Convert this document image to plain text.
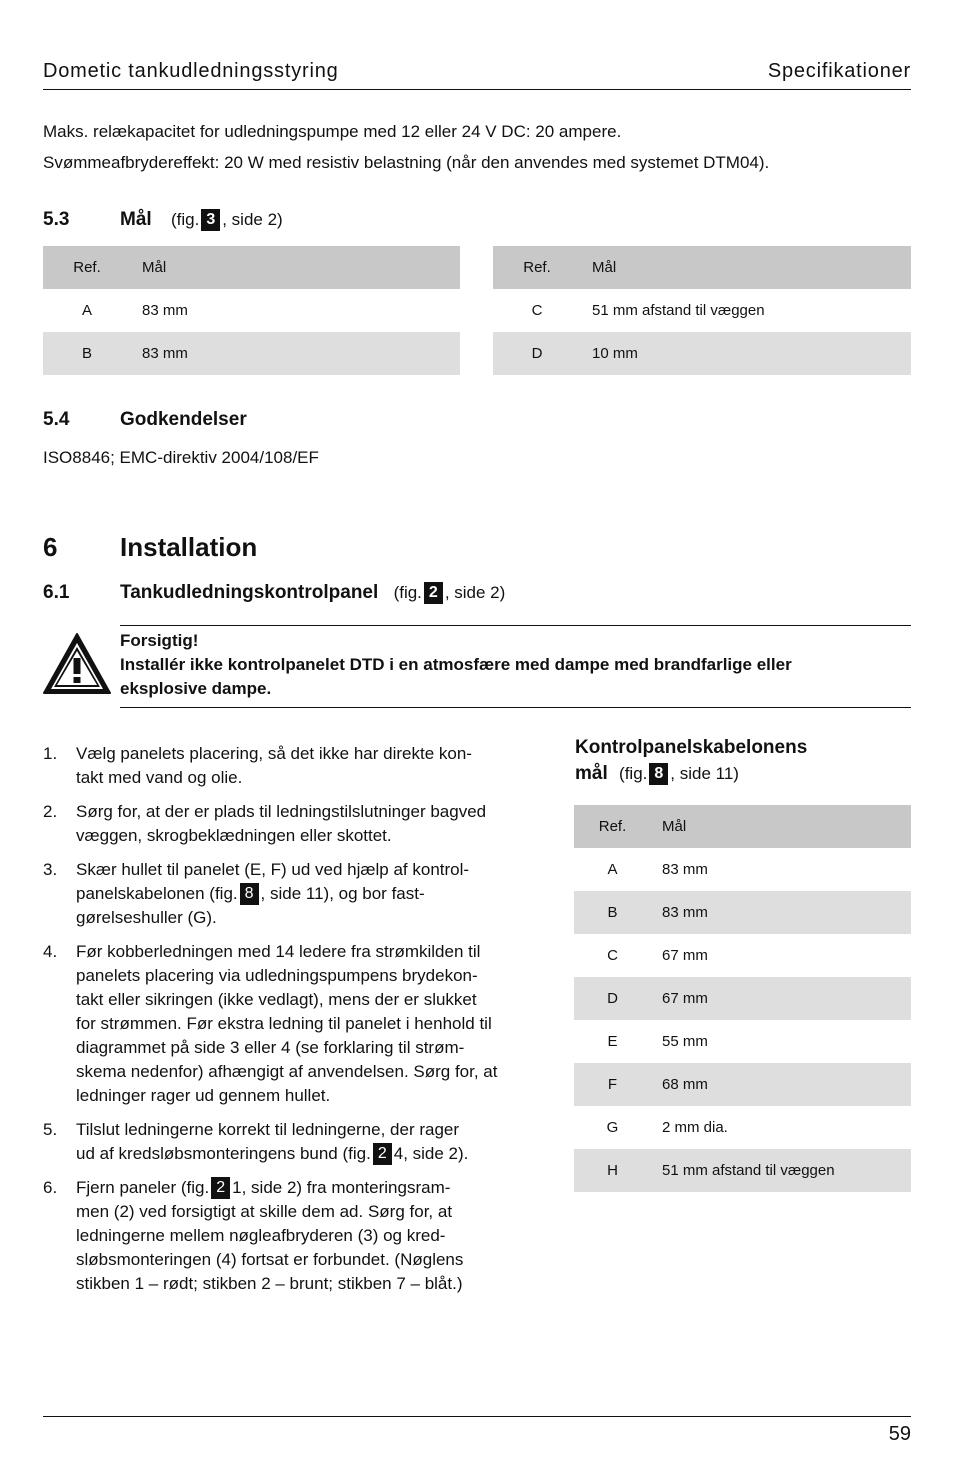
Dometic tankudledningsstyring	Specifikationer
Maks. relækapacitet for udledningspumpe med 12 eller 24 V DC: 20 ampere.
Svømmeafbrydereffekt: 20 W med resistiv belastning (når den anvendes med systemet DTM04).
5.3	Mål (fig. 3 , side 2)
Ref.	Mål
A	83 mm
B	83 mm
Ref.	Mål
C	51 mm afstand til væggen
D	10 mm
5.4	Godkendelser
ISO8846; EMC-direktiv 2004/108/EF
6 Installation
6.1	Tankudledningskontrolpanel (fig. 2 , side 2)
Forsigtig!
Installér ikke kontrolpanelet DTD i en atmosfære med dampe med brandfarlige eller
eksplosive dampe.
1. Vælg panelets placering, så det ikke har direkte kon-
takt med vand og olie.
2. Sørg for, at der er plads til ledningstilslutninger bagved
væggen, skrogbeklædningen eller skottet.
3. Skær hullet til panelet (E, F) ud ved hjælp af kontrol-
panelskabelonen (fig. 8 , side 11), og bor fast-
gørelseshuller (G).
4. Før kobberledningen med 14 ledere fra strømkilden til
panelets placering via udledningspumpens brydekon-
takt eller sikringen (ikke vedlagt), mens der er slukket
for strømmen. Før ekstra ledning til panelet i henhold til
diagrammet på side 3 eller 4 (se forklaring til strøm-
skema nedenfor) afhængigt af anvendelsen. Sørg for, at
ledninger rager ud gennem hullet.
5. Tilslut ledningerne korrekt til ledningerne, der rager
ud af kredsløbsmonteringens bund (fig. 2 4, side 2).
6. Fjern paneler (fig. 2 1, side 2) fra monteringsram-
men (2) ved forsigtigt at skille dem ad. Sørg for, at
ledningerne mellem nøgleafbryderen (3) og kred-
sløbsmonteringen (4) fortsat er forbundet. (Nøglens
stikben 1 – rødt; stikben 2 – brunt; stikben 7 – blåt.)
Kontrolpanelskabelonens
mål (fig. 8 , side 11)
Ref.	Mål
A	83 mm
B	83 mm
C	67 mm
D	67 mm
E	55 mm
F	68 mm
G	2 mm dia.
H	51 mm afstand til væggen
59
